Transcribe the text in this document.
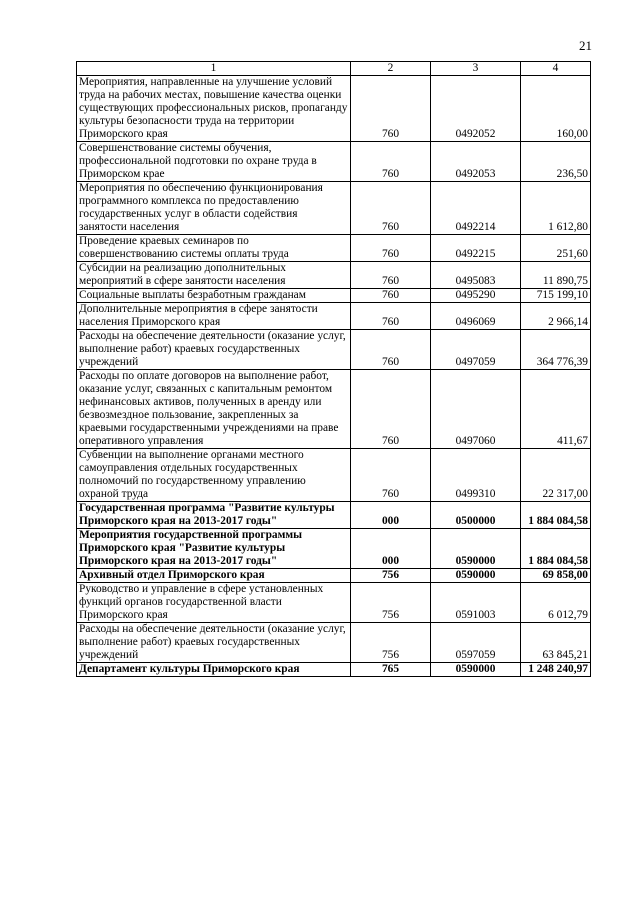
21
1	2	3	4
Мероприятия, направленные на улучшение условий труда на рабочих местах, повышение качества оценки существующих профессиональных рисков, пропаганду культуры безопасности труда на территории Приморского края	760	0492052	160,00
Совершенствование системы обучения, профессиональной подготовки по охране труда в Приморском крае	760	0492053	236,50
Мероприятия по обеспечению функционирования программного комплекса по предоставлению государственных услуг в области содействия занятости населения	760	0492214	1 612,80
Проведение краевых семинаров по совершенствованию системы оплаты труда	760	0492215	251,60
Субсидии на реализацию дополнительных мероприятий в сфере занятости населения	760	0495083	11 890,75
Социальные выплаты безработным гражданам	760	0495290	715 199,10
Дополнительные мероприятия в сфере занятости населения Приморского края	760	0496069	2 966,14
Расходы на обеспечение деятельности (оказание услуг, выполнение работ) краевых государственных учреждений	760	0497059	364 776,39
Расходы по оплате договоров на выполнение работ, оказание услуг, связанных с капитальным ремонтом нефинансовых активов, полученных в аренду или безвозмездное пользование, закрепленных за краевыми государственными учреждениями на праве оперативного управления	760	0497060	411,67
Субвенции на выполнение органами местного самоуправления отдельных государственных полномочий по государственному управлению охраной труда	760	0499310	22 317,00
Государственная программа "Развитие культуры Приморского края на 2013-2017 годы"	000	0500000	1 884 084,58
Мероприятия государственной программы Приморского края "Развитие культуры Приморского края на 2013-2017 годы"	000	0590000	1 884 084,58
Архивный отдел Приморского края	756	0590000	69 858,00
Руководство и управление в сфере установленных функций органов государственной власти Приморского края	756	0591003	6 012,79
Расходы на обеспечение деятельности (оказание услуг, выполнение работ) краевых государственных учреждений	756	0597059	63 845,21
Департамент культуры Приморского края	765	0590000	1 248 240,97
